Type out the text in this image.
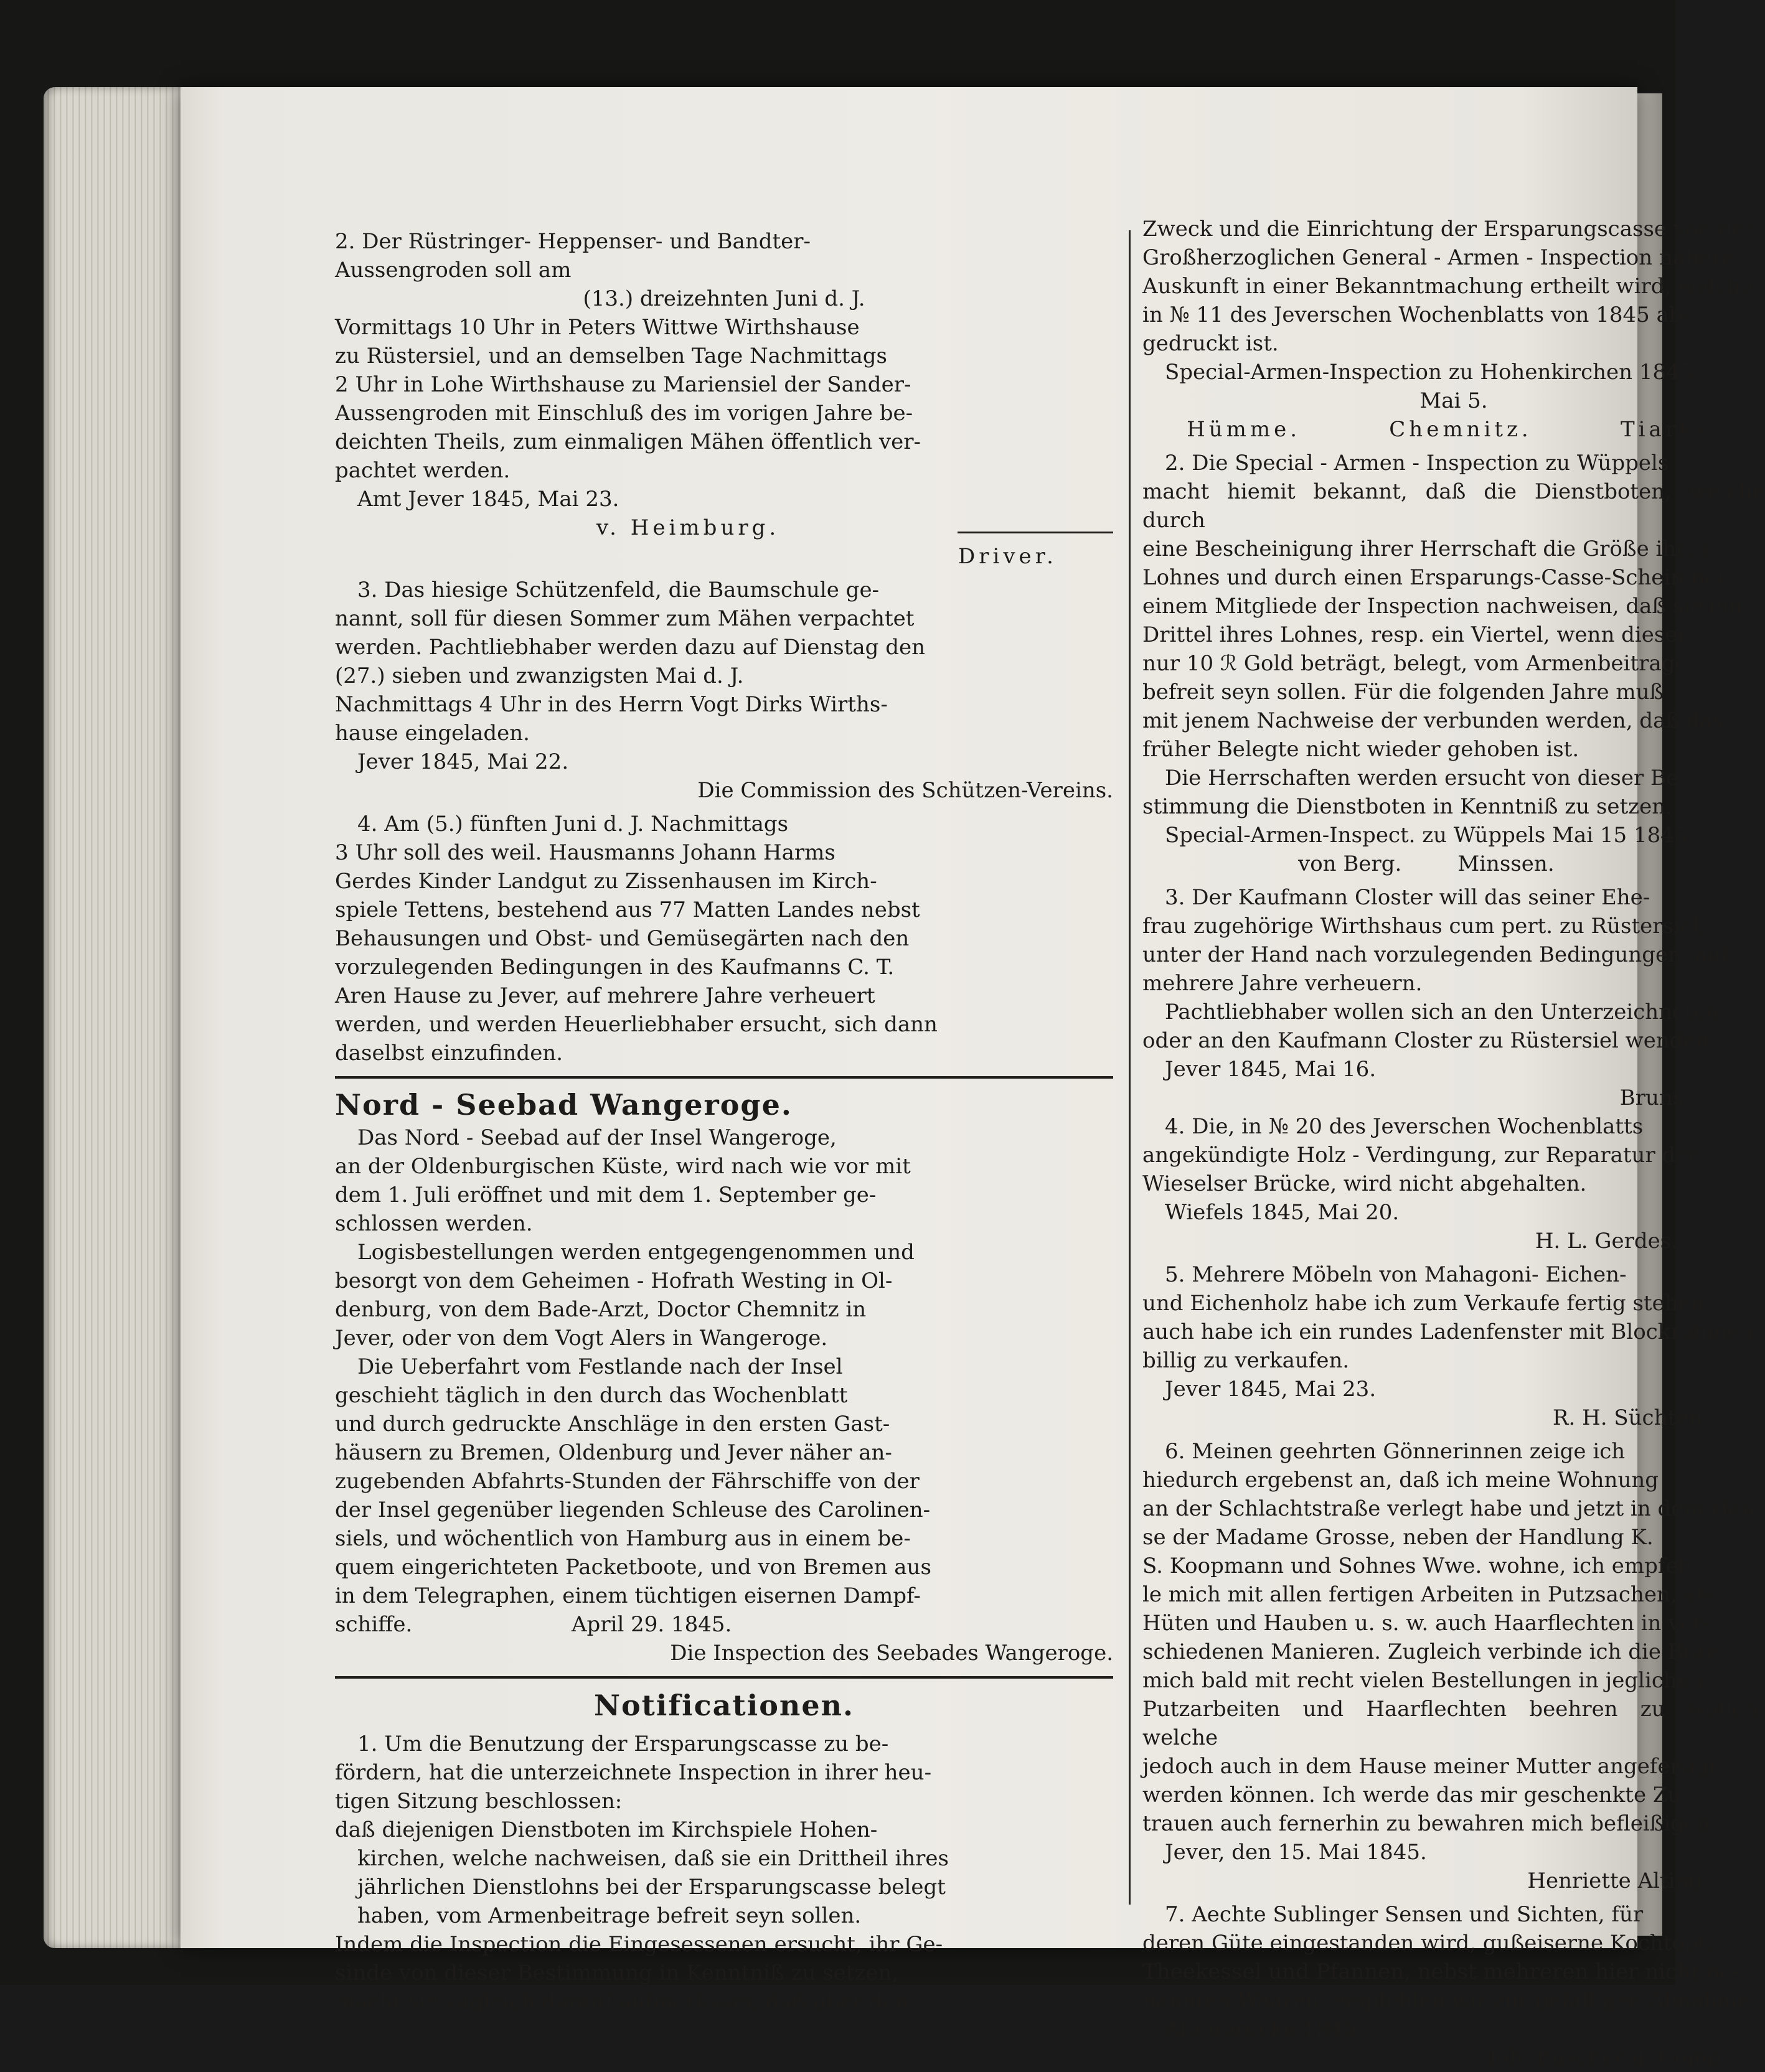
2. Der Rüstringer- Heppenser- und Bandter-

Aussengroden soll am

(13.) dreizehnten Juni d. J.

Vormittags 10 Uhr in Peters Wittwe Wirthshause

zu Rüstersiel, und an demselben Tage Nachmittags

2 Uhr in Lohe Wirthshause zu Mariensiel der Sander-

Aussengroden mit Einschluß des im vorigen Jahre be-

deichten Theils, zum einmaligen Mähen öffentlich ver-

pachtet werden.

Amt Jever 1845, Mai 23.

v. Heimburg.

Driver.

3. Das hiesige Schützenfeld, die Baumschule ge-

nannt, soll für diesen Sommer zum Mähen verpachtet

werden. Pachtliebhaber werden dazu auf Dienstag den

(27.) sieben und zwanzigsten Mai d. J.

Nachmittags 4 Uhr in des Herrn Vogt Dirks Wirths-

hause eingeladen.

Jever 1845, Mai 22.

Die Commission des Schützen-Vereins.

4. Am (5.) fünften Juni d. J. Nachmittags

3 Uhr soll des weil. Hausmanns Johann Harms

Gerdes Kinder Landgut zu Zissenhausen im Kirch-

spiele Tettens, bestehend aus 77 Matten Landes nebst

Behausungen und Obst- und Gemüsegärten nach den

vorzulegenden Bedingungen in des Kaufmanns C. T.

Aren Hause zu Jever, auf mehrere Jahre verheuert

werden, und werden Heuerliebhaber ersucht, sich dann

daselbst einzufinden.

Nord - Seebad Wangeroge.

Das Nord - Seebad auf der Insel Wangeroge,

an der Oldenburgischen Küste, wird nach wie vor mit

dem 1. Juli eröffnet und mit dem 1. September ge-

schlossen werden.

Logisbestellungen werden entgegengenommen und

besorgt von dem Geheimen - Hofrath Westing in Ol-

denburg, von dem Bade-Arzt, Doctor Chemnitz in

Jever, oder von dem Vogt Alers in Wangeroge.

Die Ueberfahrt vom Festlande nach der Insel

geschieht täglich in den durch das Wochenblatt

und durch gedruckte Anschläge in den ersten Gast-

häusern zu Bremen, Oldenburg und Jever näher an-

zugebenden Abfahrts-Stunden der Fährschiffe von der

der Insel gegenüber liegenden Schleuse des Carolinen-

siels, und wöchentlich von Hamburg aus in einem be-

quem eingerichteten Packetboote, und von Bremen aus

in dem Telegraphen, einem tüchtigen eisernen Dampf-

schiffe.	April 29. 1845.

Die Inspection des Seebades Wangeroge.

Notificationen.

1. Um die Benutzung der Ersparungscasse zu be-

fördern, hat die unterzeichnete Inspection in ihrer heu-

tigen Sitzung beschlossen:

daß diejenigen Dienstboten im Kirchspiele Hohen-

kirchen, welche nachweisen, daß sie ein Drittheil ihres

jährlichen Dienstlohns bei der Ersparungscasse belegt

haben, vom Armenbeitrage befreit seyn sollen.

Indem die Inspection die Eingesessenen ersucht, ihr Ge-

sinde von dieser Bestimmung in Kenntniß zu setzen,

macht sie zugleich darauf aufmerksam, daß über den

Zweck und die Einrichtung der Ersparungscasse von der

Großherzoglichen General - Armen - Inspection nähere

Auskunft in einer Bekanntmachung ertheilt wird, welche

in № 11 des Jeverschen Wochenblatts von 1845 ab-

gedruckt ist.

Special-Armen-Inspection zu Hohenkirchen 1845

Mai 5.

Hümme.	Chemnitz.	Tiarks.

2. Die Special - Armen - Inspection zu Wüppels

macht hiemit bekannt, daß die Dienstboten, welche durch

eine Bescheinigung ihrer Herrschaft die Größe ihres

Lohnes und durch einen Ersparungs-Casse-Schein bei

einem Mitgliede der Inspection nachweisen, daß sie ein

Drittel ihres Lohnes, resp. ein Viertel, wenn dieser

nur 10 ℛ Gold beträgt, belegt, vom Armenbeitrage

befreit seyn sollen. Für die folgenden Jahre muß

mit jenem Nachweise der verbunden werden, daß das

früher Belegte nicht wieder gehoben ist.

Die Herrschaften werden ersucht von dieser Be-

stimmung die Dienstboten in Kenntniß zu setzen.

Special-Armen-Inspect. zu Wüppels Mai 15 1845.

von Berg.	Minssen.

3. Der Kaufmann Closter will das seiner Ehe-

frau zugehörige Wirthshaus cum pert. zu Rüstersiel,

unter der Hand nach vorzulegenden Bedingungen, auf

mehrere Jahre verheuern.

Pachtliebhaber wollen sich an den Unterzeichneten

oder an den Kaufmann Closter zu Rüstersiel wenden.

Jever 1845, Mai 16.

Bruns.

4. Die, in № 20 des Jeverschen Wochenblatts

angekündigte Holz - Verdingung, zur Reparatur der

Wieselser Brücke, wird nicht abgehalten.

Wiefels 1845, Mai 20.

H. L. Gerdes.

5. Mehrere Möbeln von Mahagoni- Eichen-

und Eichenholz habe ich zum Verkaufe fertig stehen,

auch habe ich ein rundes Ladenfenster mit Blockrahmen

billig zu verkaufen.

Jever 1845, Mai 23.

R. H. Süchten.

6. Meinen geehrten Gönnerinnen zeige ich

hiedurch ergebenst an, daß ich meine Wohnung

an der Schlachtstraße verlegt habe und jetzt in dem Hau-

se der Madame Grosse, neben der Handlung K.

S. Koopmann und Sohnes Wwe. wohne, ich empfeh-

le mich mit allen fertigen Arbeiten in Putzsachen, als:

Hüten und Hauben u. s. w. auch Haarflechten in ver-

schiedenen Manieren. Zugleich verbinde ich die Bitte

mich bald mit recht vielen Bestellungen in jeglichen

Putzarbeiten und Haarflechten beehren zu wollen, welche

jedoch auch in dem Hause meiner Mutter angefertigt

werden können. Ich werde das mir geschenkte Zu-

trauen auch fernerhin zu bewahren mich befleißigen.

Jever, den 15. Mai 1845.

Henriette Alting.

7. Aechte Sublinger Sensen und Sichten, für

deren Güte eingestanden wird, gußeiserne Kochtöpfe,

Theekessel und Pfannen, nebst mehreren hier nicht be-

nannten Waaren, empfehlen wir zur gefälligen Abnahme.

Altenbrücke 1845.

Joh. Buscher u. Comp.
